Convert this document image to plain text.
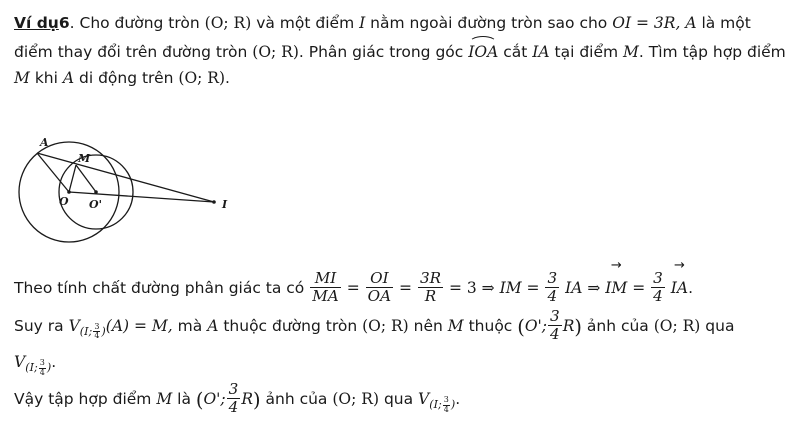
Ví dụ6. Cho đường tròn (O; R) và một điểm I nằm ngoài đường tròn sao cho OI = 3R, A là một điểm thay đổi trên đường tròn (O; R). Phân giác trong góc IOA cắt IA tại điểm M. Tìm tập hợp điểm M khi A di động trên (O; R).
A
M
O O'	I
Theo tính chất đường phân giác ta có $\frac{MI}{MA} = \frac{OI}{OA} = \frac{3R}{R} = 3$ ⇒ IM = $\frac{3}{4}$ IA ⇒ → IM = $\frac{3}{4}$ → IA.
Suy ra $V_{(I; \frac{3}{4} )}(A) = M$, mà A thuộc đường tròn (O; R) nên M thuộc (O'; $\frac{3}{4} R$) ảnh của (O; R) qua
$V_{(I; \frac{3}{4} )}$.
Vậy tập hợp điểm M là (O'; $\frac{3}{4} R$) ảnh của (O; R) qua $V_{(I; \frac{3}{4} )}$.
